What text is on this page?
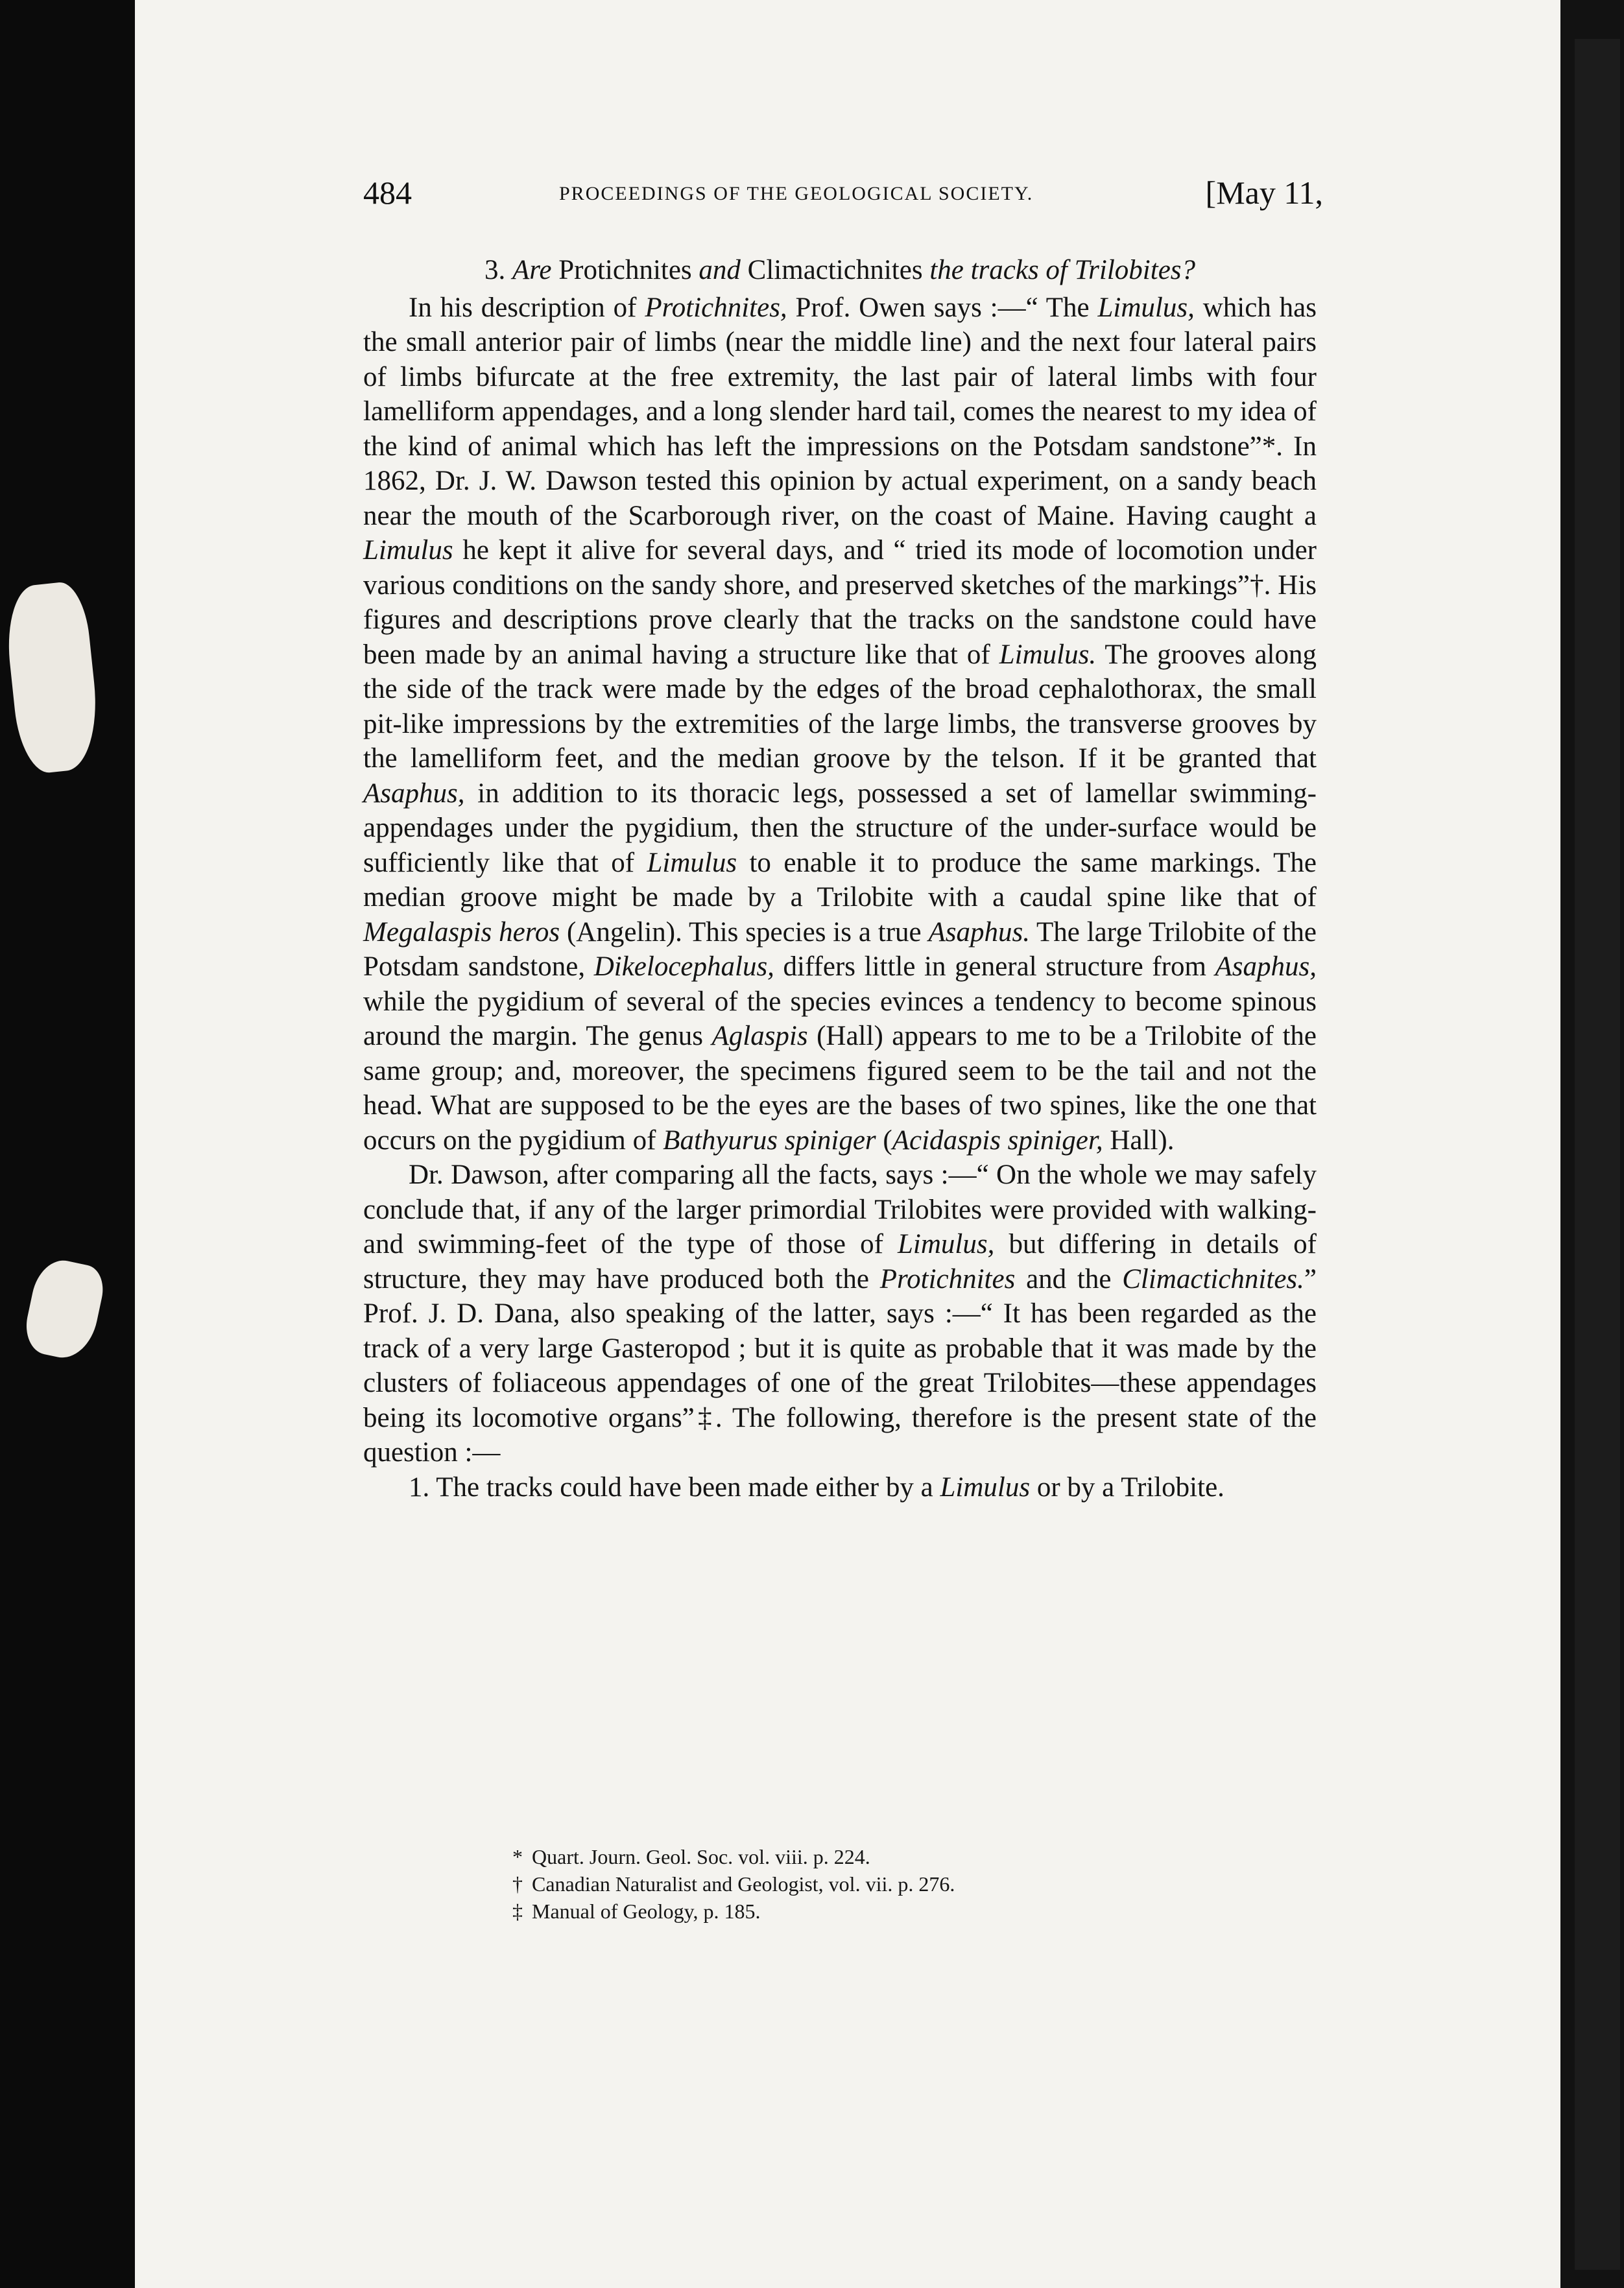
484	PROCEEDINGS OF THE GEOLOGICAL SOCIETY.	[May 11,

3. Are Protichnites and Climactichnites the tracks of Trilobites?

In his description of Protichnites, Prof. Owen says :—“ The Limulus, which has the small anterior pair of limbs (near the middle line) and the next four lateral pairs of limbs bifurcate at the free extremity, the last pair of lateral limbs with four lamelliform appendages, and a long slender hard tail, comes the nearest to my idea of the kind of animal which has left the impressions on the Potsdam sandstone”*. In 1862, Dr. J. W. Dawson tested this opinion by actual experiment, on a sandy beach near the mouth of the Scarborough river, on the coast of Maine. Having caught a Limulus he kept it alive for several days, and “ tried its mode of locomotion under various conditions on the sandy shore, and preserved sketches of the markings”†. His figures and descriptions prove clearly that the tracks on the sandstone could have been made by an animal having a structure like that of Limulus. The grooves along the side of the track were made by the edges of the broad cephalothorax, the small pit-like impressions by the extremities of the large limbs, the transverse grooves by the lamelliform feet, and the median groove by the telson. If it be granted that Asaphus, in addition to its thoracic legs, possessed a set of lamellar swimming-appendages under the pygidium, then the structure of the under-surface would be sufficiently like that of Limulus to enable it to produce the same markings. The median groove might be made by a Trilobite with a caudal spine like that of Megalaspis heros (Angelin). This species is a true Asaphus. The large Trilobite of the Potsdam sandstone, Dikelocephalus, differs little in general structure from Asaphus, while the pygidium of several of the species evinces a tendency to become spinous around the margin. The genus Aglaspis (Hall) appears to me to be a Trilobite of the same group; and, moreover, the specimens figured seem to be the tail and not the head. What are supposed to be the eyes are the bases of two spines, like the one that occurs on the pygidium of Bathyurus spiniger (Acidaspis spiniger, Hall).

Dr. Dawson, after comparing all the facts, says :—“ On the whole we may safely conclude that, if any of the larger primordial Trilobites were provided with walking- and swimming-feet of the type of those of Limulus, but differing in details of structure, they may have produced both the Protichnites and the Climactichnites.” Prof. J. D. Dana, also speaking of the latter, says :—“ It has been regarded as the track of a very large Gasteropod ; but it is quite as probable that it was made by the clusters of foliaceous appendages of one of the great Trilobites—these appendages being its locomotive organs”‡. The following, therefore is the present state of the question :—

1. The tracks could have been made either by a Limulus or by a Trilobite.

* Quart. Journ. Geol. Soc. vol. viii. p. 224.

† Canadian Naturalist and Geologist, vol. vii. p. 276.

‡ Manual of Geology, p. 185.
